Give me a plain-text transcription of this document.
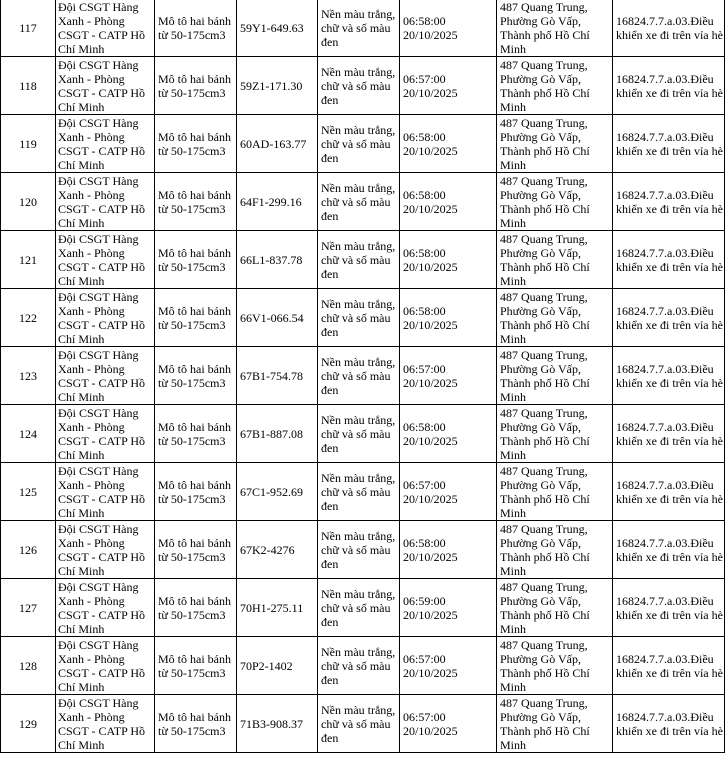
117	Đội CSGT Hàng Xanh - Phòng CSGT - CATP Hồ Chí Minh	Mô tô hai bánh từ 50-175cm3	59Y1-649.63	Nền màu trắng, chữ và số màu đen	06:58:00 20/10/2025	487 Quang Trung, Phường Gò Vấp, Thành phố Hồ Chí Minh	16824.7.7.a.03.Điều khiển xe đi trên vỉa hè
118	Đội CSGT Hàng Xanh - Phòng CSGT - CATP Hồ Chí Minh	Mô tô hai bánh từ 50-175cm3	59Z1-171.30	Nền màu trắng, chữ và số màu đen	06:57:00 20/10/2025	487 Quang Trung, Phường Gò Vấp, Thành phố Hồ Chí Minh	16824.7.7.a.03.Điều khiển xe đi trên vỉa hè
119	Đội CSGT Hàng Xanh - Phòng CSGT - CATP Hồ Chí Minh	Mô tô hai bánh từ 50-175cm3	60AD-163.77	Nền màu trắng, chữ và số màu đen	06:58:00 20/10/2025	487 Quang Trung, Phường Gò Vấp, Thành phố Hồ Chí Minh	16824.7.7.a.03.Điều khiển xe đi trên vỉa hè
120	Đội CSGT Hàng Xanh - Phòng CSGT - CATP Hồ Chí Minh	Mô tô hai bánh từ 50-175cm3	64F1-299.16	Nền màu trắng, chữ và số màu đen	06:58:00 20/10/2025	487 Quang Trung, Phường Gò Vấp, Thành phố Hồ Chí Minh	16824.7.7.a.03.Điều khiển xe đi trên vỉa hè
121	Đội CSGT Hàng Xanh - Phòng CSGT - CATP Hồ Chí Minh	Mô tô hai bánh từ 50-175cm3	66L1-837.78	Nền màu trắng, chữ và số màu đen	06:58:00 20/10/2025	487 Quang Trung, Phường Gò Vấp, Thành phố Hồ Chí Minh	16824.7.7.a.03.Điều khiển xe đi trên vỉa hè
122	Đội CSGT Hàng Xanh - Phòng CSGT - CATP Hồ Chí Minh	Mô tô hai bánh từ 50-175cm3	66V1-066.54	Nền màu trắng, chữ và số màu đen	06:58:00 20/10/2025	487 Quang Trung, Phường Gò Vấp, Thành phố Hồ Chí Minh	16824.7.7.a.03.Điều khiển xe đi trên vỉa hè
123	Đội CSGT Hàng Xanh - Phòng CSGT - CATP Hồ Chí Minh	Mô tô hai bánh từ 50-175cm3	67B1-754.78	Nền màu trắng, chữ và số màu đen	06:57:00 20/10/2025	487 Quang Trung, Phường Gò Vấp, Thành phố Hồ Chí Minh	16824.7.7.a.03.Điều khiển xe đi trên vỉa hè
124	Đội CSGT Hàng Xanh - Phòng CSGT - CATP Hồ Chí Minh	Mô tô hai bánh từ 50-175cm3	67B1-887.08	Nền màu trắng, chữ và số màu đen	06:58:00 20/10/2025	487 Quang Trung, Phường Gò Vấp, Thành phố Hồ Chí Minh	16824.7.7.a.03.Điều khiển xe đi trên vỉa hè
125	Đội CSGT Hàng Xanh - Phòng CSGT - CATP Hồ Chí Minh	Mô tô hai bánh từ 50-175cm3	67C1-952.69	Nền màu trắng, chữ và số màu đen	06:57:00 20/10/2025	487 Quang Trung, Phường Gò Vấp, Thành phố Hồ Chí Minh	16824.7.7.a.03.Điều khiển xe đi trên vỉa hè
126	Đội CSGT Hàng Xanh - Phòng CSGT - CATP Hồ Chí Minh	Mô tô hai bánh từ 50-175cm3	67K2-4276	Nền màu trắng, chữ và số màu đen	06:58:00 20/10/2025	487 Quang Trung, Phường Gò Vấp, Thành phố Hồ Chí Minh	16824.7.7.a.03.Điều khiển xe đi trên vỉa hè
127	Đội CSGT Hàng Xanh - Phòng CSGT - CATP Hồ Chí Minh	Mô tô hai bánh từ 50-175cm3	70H1-275.11	Nền màu trắng, chữ và số màu đen	06:59:00 20/10/2025	487 Quang Trung, Phường Gò Vấp, Thành phố Hồ Chí Minh	16824.7.7.a.03.Điều khiển xe đi trên vỉa hè
128	Đội CSGT Hàng Xanh - Phòng CSGT - CATP Hồ Chí Minh	Mô tô hai bánh từ 50-175cm3	70P2-1402	Nền màu trắng, chữ và số màu đen	06:57:00 20/10/2025	487 Quang Trung, Phường Gò Vấp, Thành phố Hồ Chí Minh	16824.7.7.a.03.Điều khiển xe đi trên vỉa hè
129	Đội CSGT Hàng Xanh - Phòng CSGT - CATP Hồ Chí Minh	Mô tô hai bánh từ 50-175cm3	71B3-908.37	Nền màu trắng, chữ và số màu đen	06:57:00 20/10/2025	487 Quang Trung, Phường Gò Vấp, Thành phố Hồ Chí Minh	16824.7.7.a.03.Điều khiển xe đi trên vỉa hè
